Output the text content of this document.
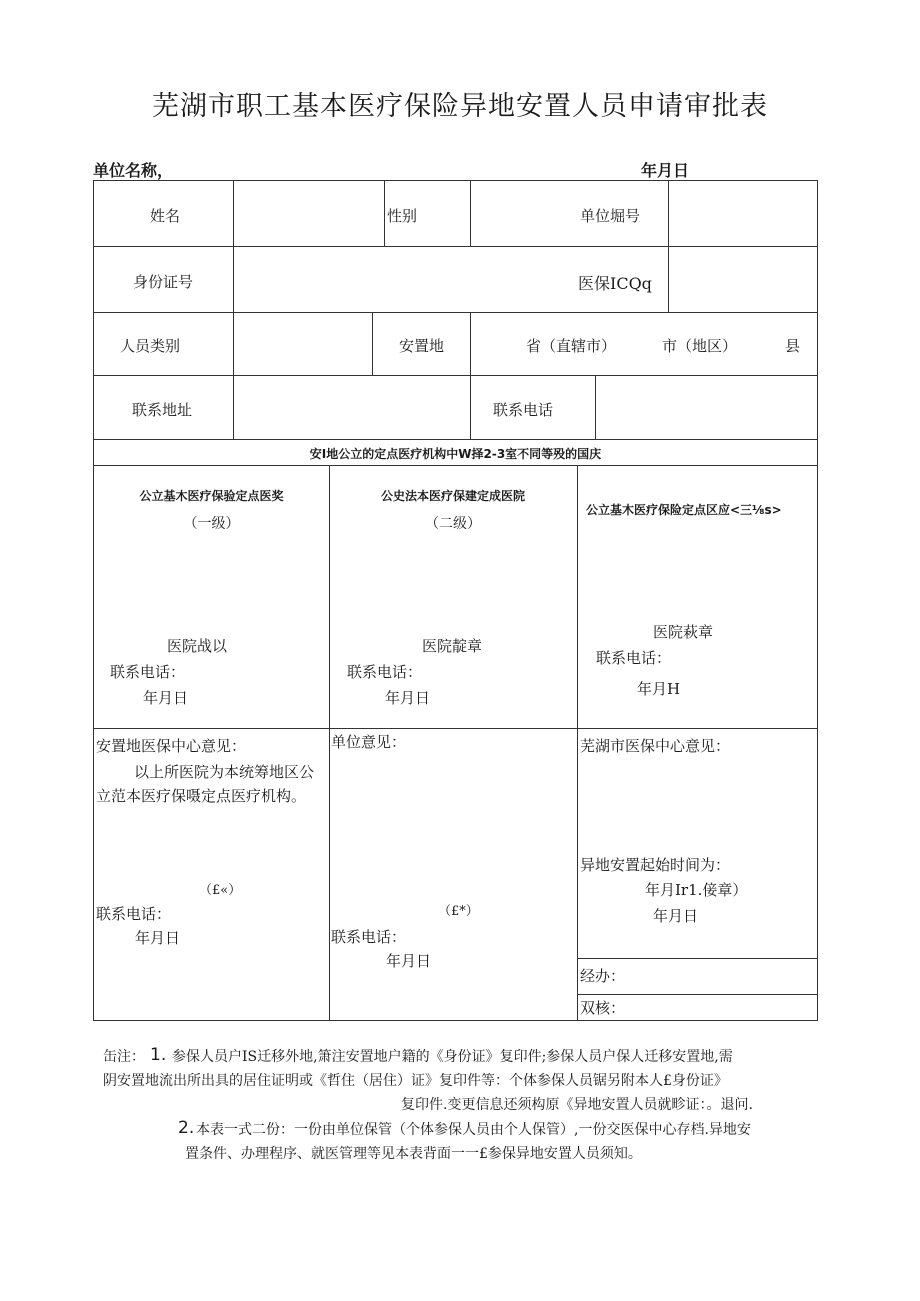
芜湖市职工基本医疗保险异地安置人员申请审批表
单位名称，	年月日
姓名	性别	单位堀号
身份证号	医保ICQq
人员类别	安置地	省（直辖市）	市（地区）	县
联系地址	联系电话
安I地公立的定点医疗机构中W择2-3室不同等殁的国庆
公立基木医疗保验定点医奖
（一级）
医院战以
联系电话：
年月日
公史法本医疗保建定成医院
（二级）
医院靛章
联系电话：
年月日
公立基木医疗保险定点区应<三⅛s>
医院萩章
联系电话：
年月H
安置地医保中心意见：
以上所医院为本统筹地区公
立范本医疗保嗫定点医疗机构。
（£«）
联系电话：
年月日
单位意见：
（£*）
联系电话：
年月日
芜湖市医保中心意见：
异地安置起始时间为：
年月Ir1.倿章）
年月日
经办：
双核：
缶注： 1. 参保人员户IS迁移外地,箫注安置地户籍的《身份证》复印件;参保人员户保人迁移安置地,需
阴安置地流出所出具的居住证明或《哲住（居住）证》复印件等：个体参保人员锯另附本人£身份证》
复印件.变更信息还须构原《异地安置人员就畛证：。退问.
2. 本表一式二份：一份由单位保管（个体参保人员由个人保管）,一份交医保中心存档.异地安
置条件、办理程序、就医管理等见本表背面一一£参保异地安置人员须知。
